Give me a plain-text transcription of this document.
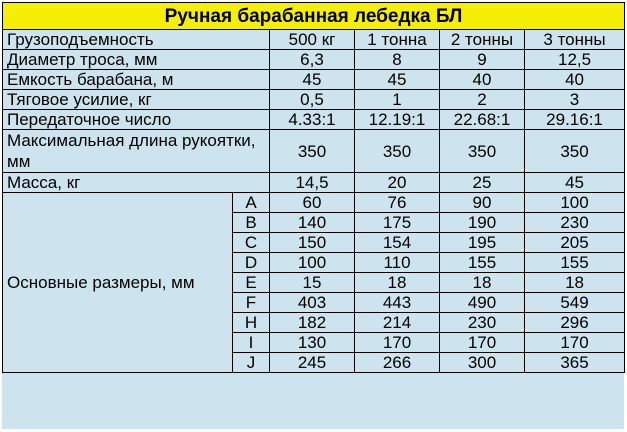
Ручная барабанная лебедка БЛ					
Грузоподъемность		500 кг	1 тонна	2 тонны	3 тонны
Диаметр троса, мм		6,3	8	9	12,5
Емкость барабана, м		45	45	40	40
Тяговое усилие, кг		0,5	1	2	3
Передаточное число		4.33:1	12.19:1	22.68:1	29.16:1
Максимальная длина рукоятки, мм		350	350	350	350
Масса, кг		14,5	20	25	45
Основные размеры, мм	A	60	76	90	100
	B	140	175	190	230
	C	150	154	195	205
	D	100	110	155	155
	E	15	18	18	18
	F	403	443	490	549
	H	182	214	230	296
	I	130	170	170	170
	J	245	266	300	365
